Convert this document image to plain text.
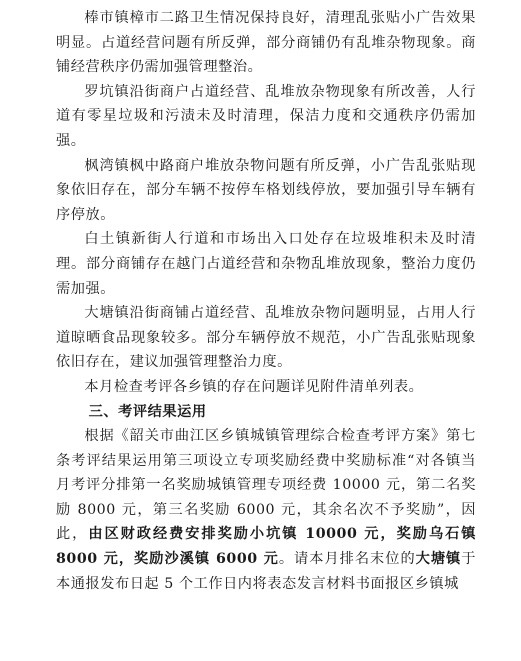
棒市镇樟市二路卫生情况保持良好，清理乱张贴小广告效果明显。占道经营问题有所反弹，部分商铺仍有乱堆杂物现象。商铺经营秩序仍需加强管理整治。

罗坑镇沿街商户占道经营、乱堆放杂物现象有所改善，人行道有零星垃圾和污渍未及时清理，保洁力度和交通秩序仍需加强。

枫湾镇枫中路商户堆放杂物问题有所反弹，小广告乱张贴现象依旧存在，部分车辆不按停车格划线停放，要加强引导车辆有序停放。

白土镇新街人行道和市场出入口处存在垃圾堆积未及时清理。部分商铺存在越门占道经营和杂物乱堆放现象，整治力度仍需加强。

大塘镇沿街商铺占道经营、乱堆放杂物问题明显，占用人行道晾晒食品现象较多。部分车辆停放不规范，小广告乱张贴现象依旧存在，建议加强管理整治力度。

本月检查考评各乡镇的存在问题详见附件清单列表。

三、考评结果运用

根据《韶关市曲江区乡镇城镇管理综合检查考评方案》第七条考评结果运用第三项设立专项奖励经费中奖励标准“对各镇当月考评分排第一名奖励城镇管理专项经费 10000 元，第二名奖励 8000 元，第三名奖励 6000 元，其余名次不予奖励”，因此，由区财政经费安排奖励小坑镇 10000 元，奖励乌石镇 8000 元，奖励沙溪镇 6000 元。请本月排名末位的大塘镇于本通报发布日起 5 个工作日内将表态发言材料书面报区乡镇城
